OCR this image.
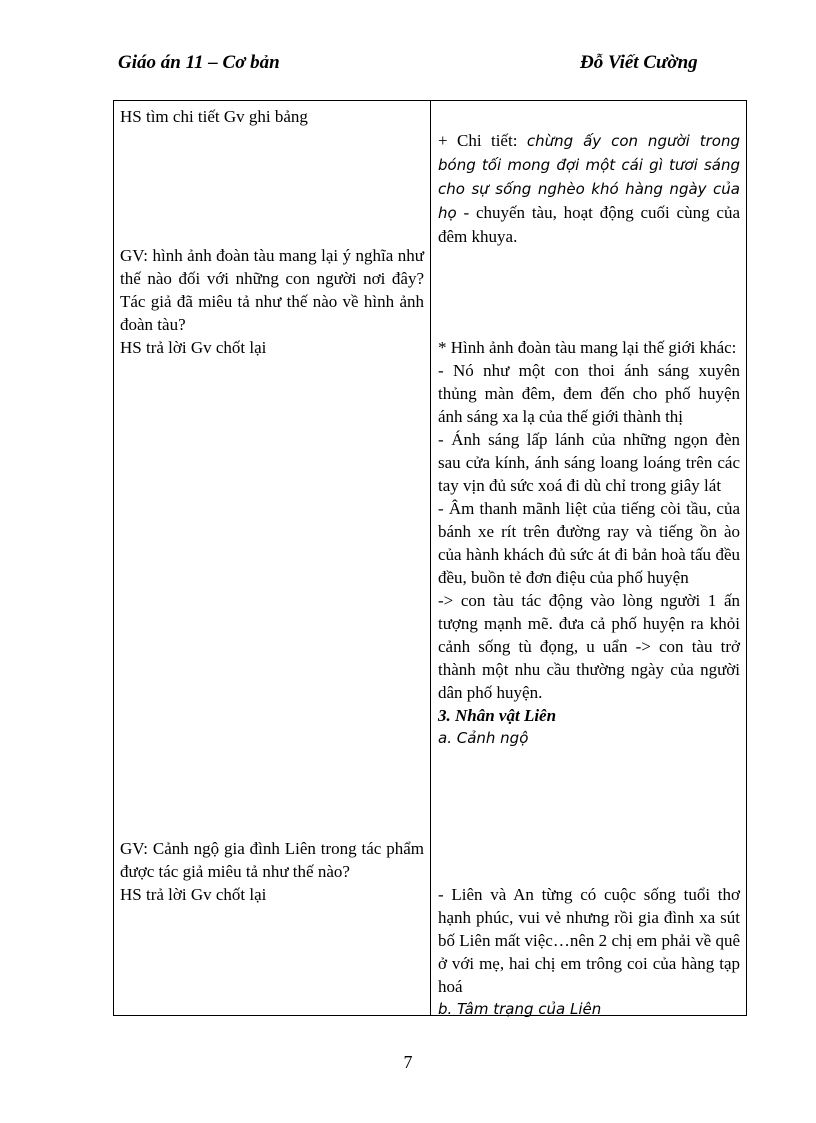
Giáo án 11 – Cơ bản	Đỗ Viết Cường

HS tìm chi tiết Gv ghi bảng

GV: hình ảnh đoàn tàu mang lại ý nghĩa như thế nào đối với những con người nơi đây? Tác giả đã miêu tả như thế nào về hình ảnh đoàn tàu?

HS trả lời Gv chốt lại

GV: Cảnh ngộ gia đình Liên trong tác phẩm được tác giả miêu tả như thế nào?

HS trả lời Gv chốt lại

+ Chi tiết: chừng ấy con người trong bóng tối mong đợi một cái gì tươi sáng cho sự sống nghèo khó hàng ngày của họ - chuyến tàu, hoạt động cuối cùng của đêm khuya.

* Hình ảnh đoàn tàu mang lại thế giới khác:

- Nó như một con thoi ánh sáng xuyên thủng màn đêm, đem đến cho phố huyện ánh sáng xa lạ của thế giới thành thị

- Ánh sáng lấp lánh của những ngọn đèn sau cửa kính, ánh sáng loang loáng trên các tay vịn đủ sức xoá đi dù chỉ trong giây lát

- Âm thanh mãnh liệt của tiếng còi tầu, của bánh xe rít trên đường ray và tiếng ồn ào của hành khách đủ sức át đi bản hoà tấu đều đều, buồn tẻ đơn điệu của phố huyện

-> con tàu tác động vào lòng người 1 ấn tượng mạnh mẽ. đưa cả phố huyện ra khỏi cảnh sống tù đọng, u uẩn -> con tàu trở thành một nhu cầu thường ngày của người dân phố huyện.

3. Nhân vật Liên

a. Cảnh ngộ

- Liên và An từng có cuộc sống tuổi thơ hạnh phúc, vui vẻ nhưng rồi gia đình xa sút bố Liên mất việc…nên 2 chị em phải về quê ở với mẹ, hai chị em trông coi của hàng tạp hoá

b. Tâm trạng của Liên

7
